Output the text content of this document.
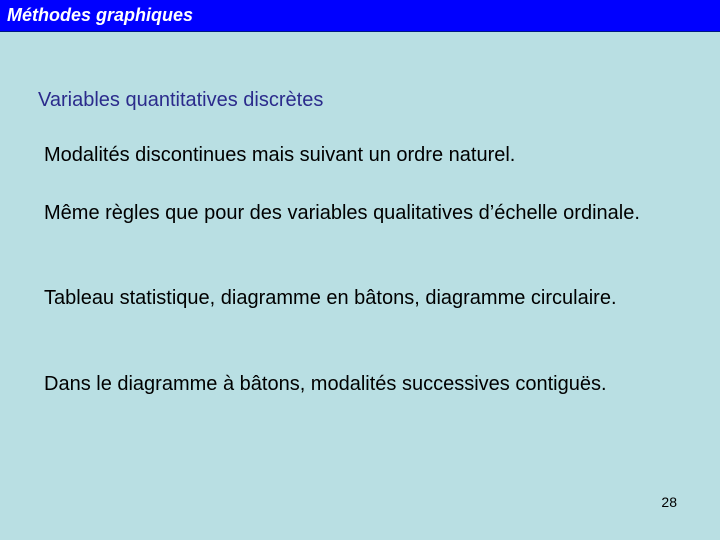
Méthodes graphiques
Variables quantitatives discrètes
Modalités discontinues mais suivant un ordre naturel.
Même règles que pour des variables qualitatives d’échelle ordinale.
Tableau statistique, diagramme en bâtons, diagramme circulaire.
Dans le diagramme à bâtons, modalités successives contiguës.
28
